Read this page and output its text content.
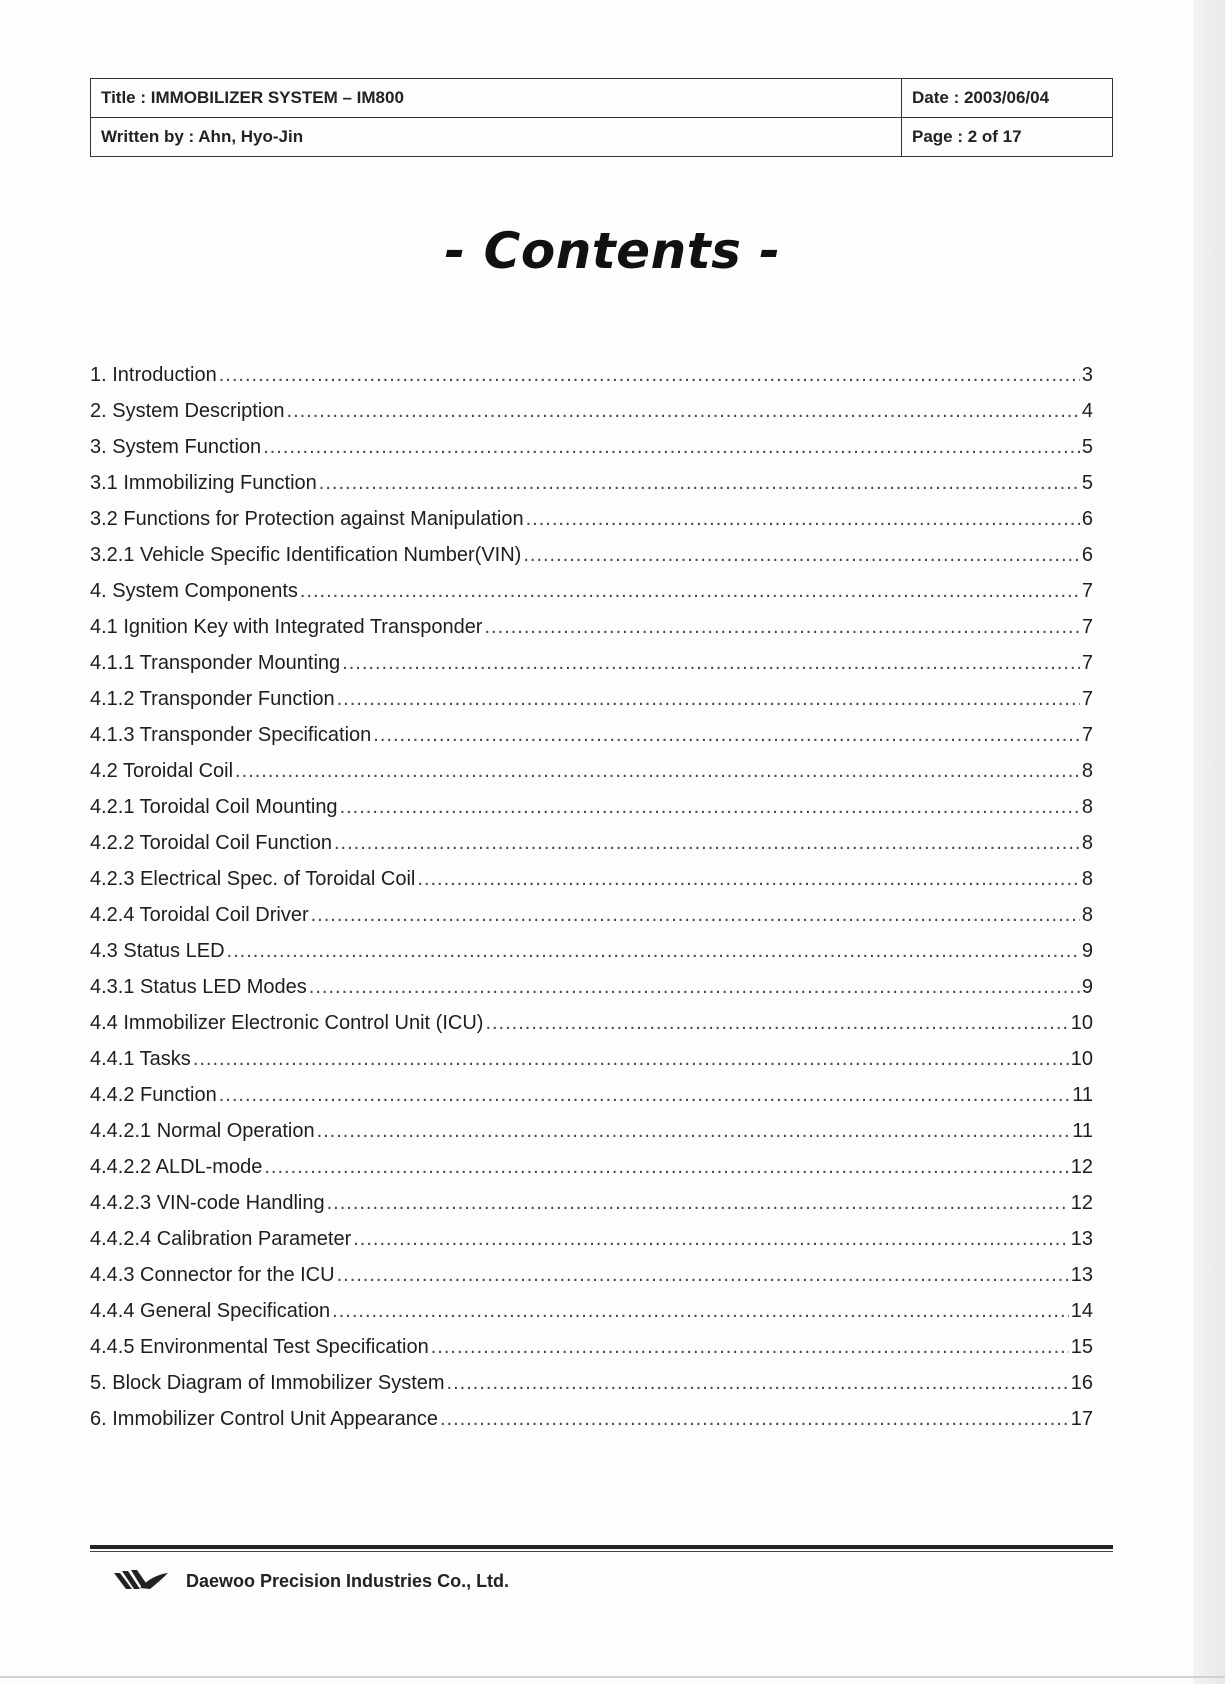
Title : IMMOBILIZER SYSTEM – IM800	Date : 2003/06/04
Written by : Ahn, Hyo-Jin	Page : 2 of 17
- Contents -
1. Introduction .....	3
2. System Description .....	4
3. System Function .....	5
3.1 Immobilizing Function .....	5
3.2 Functions for Protection against Manipulation .....	6
3.2.1 Vehicle Specific Identification Number(VIN) .....	6
4. System Components .....	7
4.1 Ignition Key with Integrated Transponder .....	7
4.1.1 Transponder Mounting .....	7
4.1.2 Transponder Function .....	7
4.1.3 Transponder Specification .....	7
4.2 Toroidal Coil .....	8
4.2.1 Toroidal Coil Mounting .....	8
4.2.2 Toroidal Coil Function .....	8
4.2.3 Electrical Spec. of Toroidal Coil .....	8
4.2.4 Toroidal Coil Driver .....	8
4.3 Status LED .....	9
4.3.1 Status LED Modes .....	9
4.4 Immobilizer Electronic Control Unit (ICU) .....	10
4.4.1 Tasks .....	10
4.4.2 Function .....	11
4.4.2.1 Normal Operation .....	11
4.4.2.2 ALDL-mode .....	12
4.4.2.3 VIN-code Handling .....	12
4.4.2.4 Calibration Parameter .....	13
4.4.3 Connector for the ICU .....	13
4.4.4 General Specification .....	14
4.4.5 Environmental Test Specification .....	15
5. Block Diagram of Immobilizer System .....	16
6. Immobilizer Control Unit Appearance .....	17
Daewoo Precision Industries Co., Ltd.
